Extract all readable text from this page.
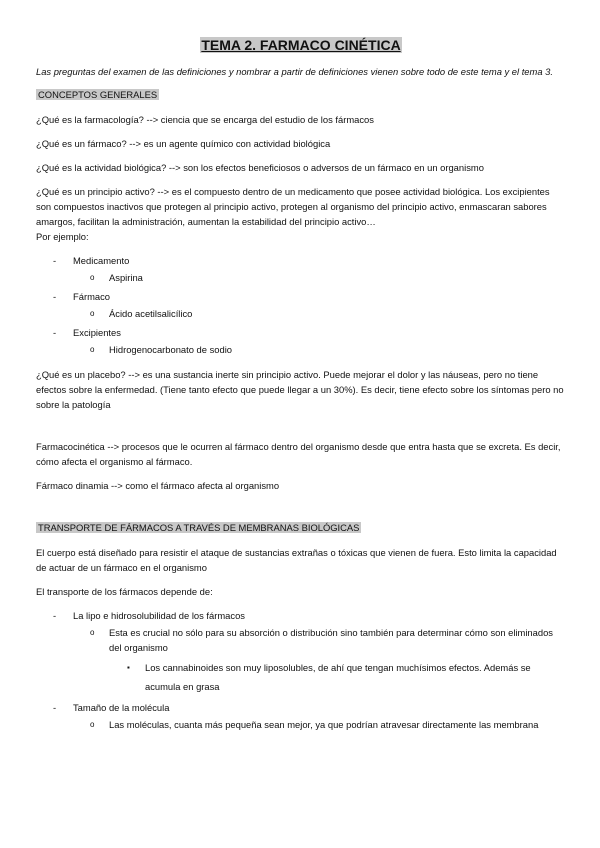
TEMA 2. FARMACO CINÉTICA

Las preguntas del examen de las definiciones y nombrar a partir de definiciones vienen sobre todo de este tema y el tema 3.

CONCEPTOS GENERALES

¿Qué es la farmacología? --> ciencia que se encarga del estudio de los fármacos

¿Qué es un fármaco? --> es un agente químico con actividad biológica

¿Qué es la actividad biológica? --> son los efectos beneficiosos o adversos de un fármaco en un organismo

¿Qué es un principio activo? --> es el compuesto dentro de un medicamento que posee actividad biológica. Los excipientes son compuestos inactivos que protegen al principio activo, protegen al organismo del principio activo, enmascaran sabores amargos, facilitan la administración, aumentan la estabilidad del principio activo…

Por ejemplo:

- Medicamento
o Aspirina
- Fármaco
o Ácido acetilsalicílico
- Excipientes
o Hidrogenocarbonato de sodio

¿Qué es un placebo? --> es una sustancia inerte sin principio activo. Puede mejorar el dolor y las náuseas, pero no tiene efectos sobre la enfermedad. (Tiene tanto efecto que puede llegar a un 30%). Es decir, tiene efecto sobre los síntomas pero no sobre la patología

Farmacocinética --> procesos que le ocurren al fármaco dentro del organismo desde que entra hasta que se excreta. Es decir, cómo afecta el organismo al fármaco.

Fármaco dinamia --> como el fármaco afecta al organismo

TRANSPORTE DE FÁRMACOS A TRAVÉS DE MEMBRANAS BIOLÓGICAS

El cuerpo está diseñado para resistir el ataque de sustancias extrañas o tóxicas que vienen de fuera. Esto limita la capacidad de actuar de un fármaco en el organismo

El transporte de los fármacos depende de:

- La lipo e hidrosolubilidad de los fármacos
o Esta es crucial no sólo para su absorción o distribución sino también para determinar cómo son eliminados del organismo
▪ Los cannabinoides son muy liposolubles, de ahí que tengan muchísimos efectos. Además se acumula en grasa
- Tamaño de la molécula
o Las moléculas, cuanta más pequeña sean mejor, ya que podrían atravesar directamente las membrana
